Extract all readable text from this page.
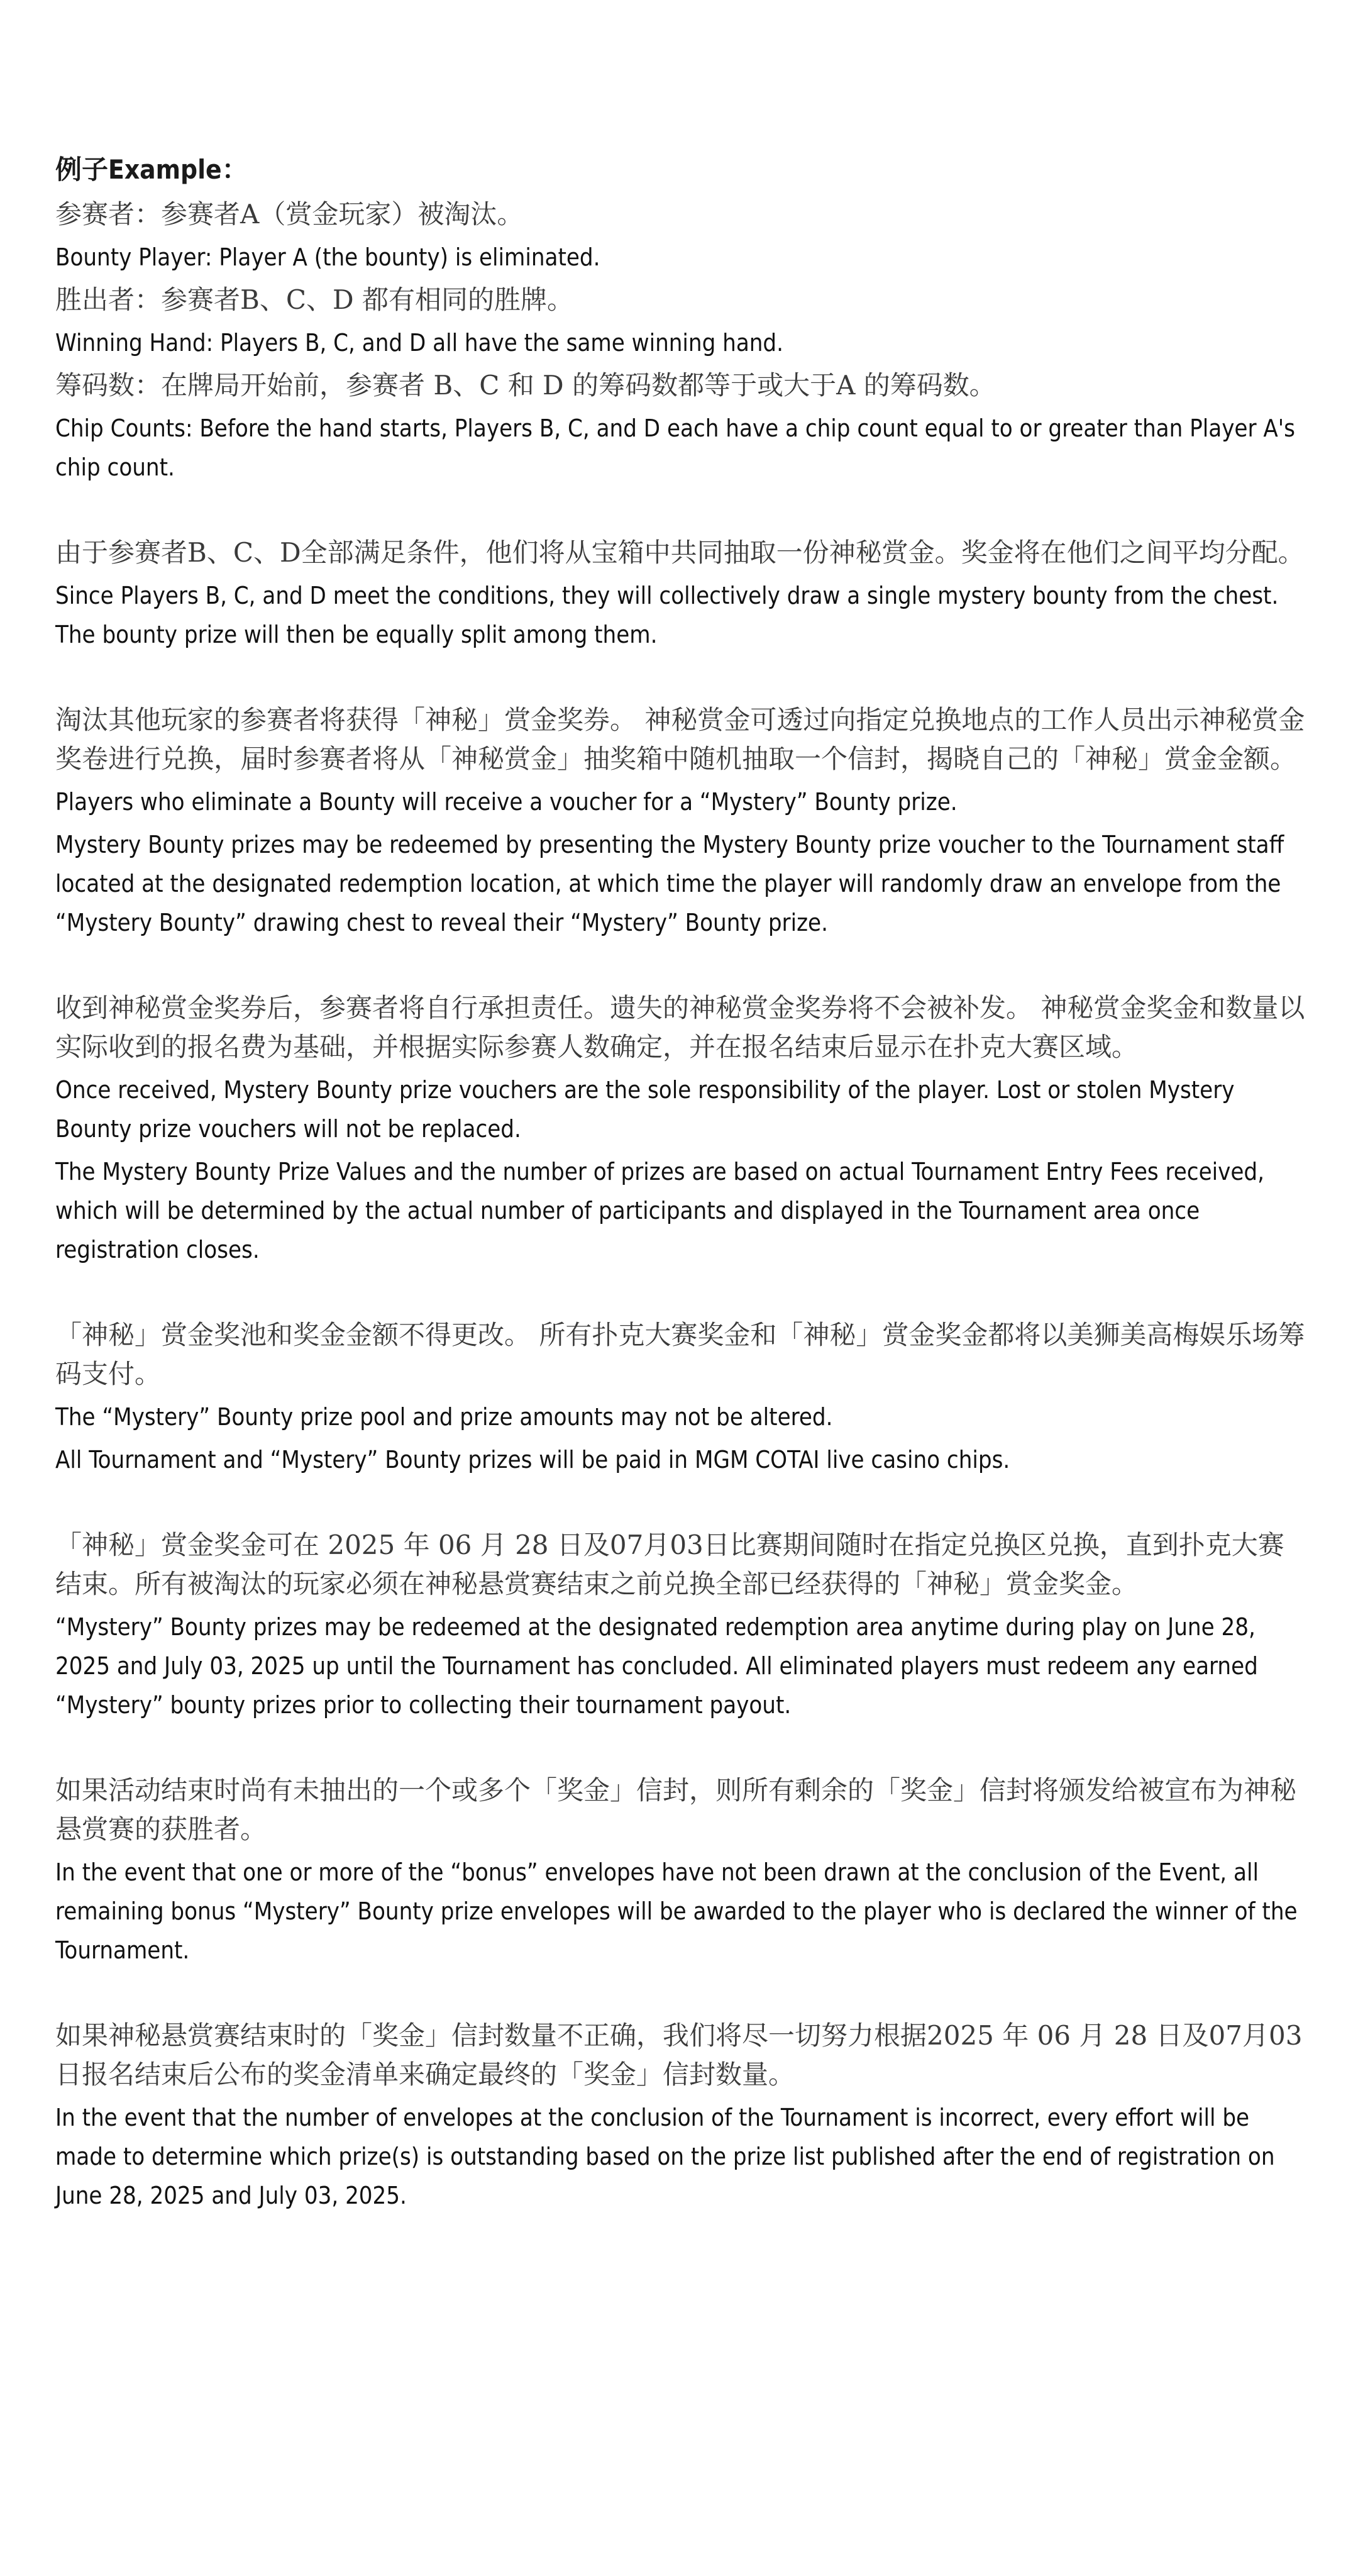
例子Example：
参赛者：参赛者A（赏金玩家）被淘汰。
Bounty Player: Player A (the bounty) is eliminated.
胜出者：参赛者B、C、D 都有相同的胜牌。
Winning Hand: Players B, C, and D all have the same winning hand.
筹码数：在牌局开始前，参赛者 B、C 和 D 的筹码数都等于或大于A 的筹码数。
Chip Counts: Before the hand starts, Players B, C, and D each have a chip count equal to or greater than Player A's chip count.
由于参赛者B、C、D全部满足条件，他们将从宝箱中共同抽取一份神秘赏金。奖金将在他们之间平均分配。
Since Players B, C, and D meet the conditions, they will collectively draw a single mystery bounty from the chest. The bounty prize will then be equally split among them.
淘汰其他玩家的参赛者将获得「神秘」赏金奖券。 神秘赏金可透过向指定兑换地点的工作人员出示神秘赏金奖卷进行兑换，届时参赛者将从「神秘赏金」抽奖箱中随机抽取一个信封，揭晓自己的「神秘」赏金金额。
Players who eliminate a Bounty will receive a voucher for a “Mystery” Bounty prize.
Mystery Bounty prizes may be redeemed by presenting the Mystery Bounty prize voucher to the Tournament staff located at the designated redemption location, at which time the player will randomly draw an envelope from the “Mystery Bounty” drawing chest to reveal their “Mystery” Bounty prize.
收到神秘赏金奖券后，参赛者将自行承担责任。遗失的神秘赏金奖券将不会被补发。 神秘赏金奖金和数量以实际收到的报名费为基础，并根据实际参赛人数确定，并在报名结束后显示在扑克大赛区域。
Once received, Mystery Bounty prize vouchers are the sole responsibility of the player. Lost or stolen Mystery Bounty prize vouchers will not be replaced.
The Mystery Bounty Prize Values and the number of prizes are based on actual Tournament Entry Fees received, which will be determined by the actual number of participants and displayed in the Tournament area once registration closes.
「神秘」赏金奖池和奖金金额不得更改。 所有扑克大赛奖金和「神秘」赏金奖金都将以美狮美高梅娱乐场筹码支付。
The “Mystery” Bounty prize pool and prize amounts may not be altered.
All Tournament and “Mystery” Bounty prizes will be paid in MGM COTAI live casino chips.
「神秘」赏金奖金可在 2025 年 06 月 28 日及07月03日比赛期间随时在指定兑换区兑换，直到扑克大赛结束。所有被淘汰的玩家必须在神秘悬赏赛结束之前兑换全部已经获得的「神秘」赏金奖金。
“Mystery” Bounty prizes may be redeemed at the designated redemption area anytime during play on June 28, 2025 and July 03, 2025 up until the Tournament has concluded. All eliminated players must redeem any earned “Mystery” bounty prizes prior to collecting their tournament payout.
如果活动结束时尚有未抽出的一个或多个「奖金」信封，则所有剩余的「奖金」信封将颁发给被宣布为神秘悬赏赛的获胜者。
In the event that one or more of the “bonus” envelopes have not been drawn at the conclusion of the Event, all remaining bonus “Mystery” Bounty prize envelopes will be awarded to the player who is declared the winner of the Tournament.
如果神秘悬赏赛结束时的「奖金」信封数量不正确，我们将尽一切努力根据2025 年 06 月 28 日及07月03日报名结束后公布的奖金清单来确定最终的「奖金」信封数量。
In the event that the number of envelopes at the conclusion of the Tournament is incorrect, every effort will be made to determine which prize(s) is outstanding based on the prize list published after the end of registration on June 28, 2025 and July 03, 2025.
